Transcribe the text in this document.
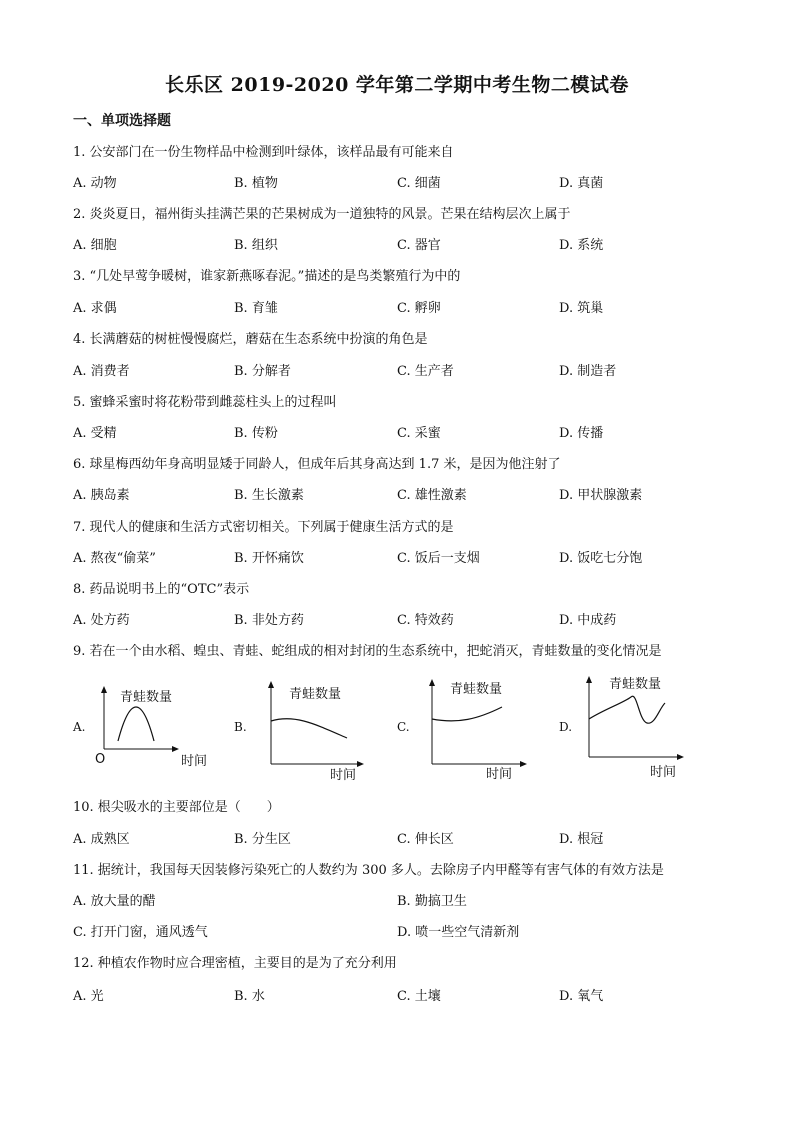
长乐区 2019-2020 学年第二学期中考生物二模试卷
一、单项选择题
1. 公安部门在一份生物样品中检测到叶绿体，该样品最有可能来自
A. 动物	B. 植物	C. 细菌	D. 真菌
2. 炎炎夏日，福州街头挂满芒果的芒果树成为一道独特的风景。芒果在结构层次上属于
A. 细胞	B. 组织	C. 器官	D. 系统
3. “几处早莺争暖树，谁家新燕啄春泥。”描述的是鸟类繁殖行为中的
A. 求偶	B. 育雏	C. 孵卵	D. 筑巢
4. 长满蘑菇的树桩慢慢腐烂，蘑菇在生态系统中扮演的角色是
A. 消费者	B. 分解者	C. 生产者	D. 制造者
5. 蜜蜂采蜜时将花粉带到雌蕊柱头上的过程叫
A. 受精	B. 传粉	C. 采蜜	D. 传播
6. 球星梅西幼年身高明显矮于同龄人，但成年后其身高达到 1.7 米，是因为他注射了
A. 胰岛素	B. 生长激素	C. 雄性激素	D. 甲状腺激素
7. 现代人的健康和生活方式密切相关。下列属于健康生活方式的是
A. 熬夜“偷菜”	B. 开怀痛饮	C. 饭后一支烟	D. 饭吃七分饱
8. 药品说明书上的“OTC”表示
A. 处方药	B. 非处方药	C. 特效药	D. 中成药
9. 若在一个由水稻、蝗虫、青蛙、蛇组成的相对封闭的生态系统中，把蛇消灭，青蛙数量的变化情况是
A.
青蛙数量
时间
O
B.
青蛙数量
时间
C.
青蛙数量
时间
D.
青蛙数量
时间
10. 根尖吸水的主要部位是（　　）
A. 成熟区	B. 分生区	C. 伸长区	D. 根冠
11. 据统计，我国每天因装修污染死亡的人数约为 300 多人。去除房子内甲醛等有害气体的有效方法是
A. 放大量的醋	B. 勤搞卫生
C. 打开门窗，通风透气	D. 喷一些空气清新剂
12. 种植农作物时应合理密植，主要目的是为了充分利用
A. 光	B. 水	C. 土壤	D. 氧气
